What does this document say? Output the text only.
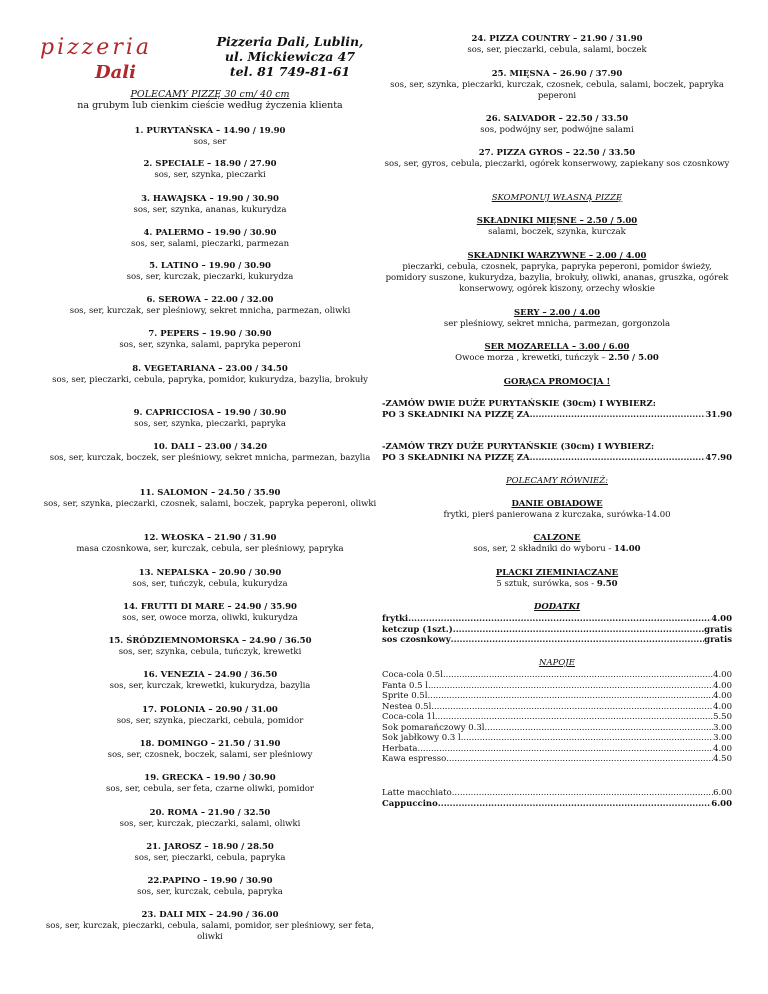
pizzeria
Dali
Pizzeria Dali, Lublin,
ul. Mickiewicza 47
tel. 81 749-81-61
POLECAMY PIZZĘ 30 cm/ 40 cm
na grubym lub cienkim cieście według życzenia klienta
1. PURYTAŃSKA – 14.90 / 19.90
sos, ser
2. SPECIALE – 18.90 / 27.90
sos, ser, szynka, pieczarki
3. HAWAJSKA – 19.90 / 30.90
sos, ser, szynka, ananas, kukurydza
4. PALERMO – 19.90 / 30.90
sos, ser, salami, pieczarki, parmezan
5. LATINO – 19.90 / 30.90
sos, ser, kurczak, pieczarki, kukurydza
6. SEROWA – 22.00 / 32.00
sos, ser, kurczak, ser pleśniowy, sekret mnicha, parmezan, oliwki
7. PEPERS – 19.90 / 30.90
sos, ser, szynka, salami, papryka peperoni
8. VEGETARIANA – 23.00 / 34.50
sos, ser, pieczarki, cebula, papryka, pomidor, kukurydza, bazylia, brokuły
9. CAPRICCIOSA – 19.90 / 30.90
sos, ser, szynka, pieczarki, papryka
10. DALI – 23.00 / 34.20
sos, ser, kurczak, boczek, ser pleśniowy, sekret mnicha, parmezan, bazylia
11. SALOMON – 24.50 / 35.90
sos, ser, szynka, pieczarki, czosnek, salami, boczek, papryka peperoni, oliwki
12. WŁOSKA – 21.90 / 31.90
masa czosnkowa, ser, kurczak, cebula, ser pleśniowy, papryka
13. NEPALSKA – 20.90 / 30.90
sos, ser, tuńczyk, cebula, kukurydza
14. FRUTTI DI MARE – 24.90 / 35.90
sos, ser, owoce morza, oliwki, kukurydza
15. ŚRÓDZIEMNOMORSKA – 24.90 / 36.50
sos, ser, szynka, cebula, tuńczyk, krewetki
16. VENEZIA – 24.90 / 36.50
sos, ser, kurczak, krewetki, kukurydza, bazylia
17. POLONIA – 20.90 / 31.00
sos, ser, szynka, pieczarki, cebula, pomidor
18. DOMINGO – 21.50 / 31.90
sos, ser, czosnek, boczek, salami, ser pleśniowy
19. GRECKA – 19.90 / 30.90
sos, ser, cebula, ser feta, czarne oliwki, pomidor
20. ROMA – 21.90 / 32.50
sos, ser, kurczak, pieczarki, salami, oliwki
21. JAROSZ – 18.90 / 28.50
sos, ser, pieczarki, cebula, papryka
22.PAPINO – 19.90 / 30.90
sos, ser, kurczak, cebula, papryka
23. DALI MIX – 24.90 / 36.00
sos, ser, kurczak, pieczarki, cebula, salami, pomidor, ser pleśniowy, ser feta, oliwki
24. PIZZA COUNTRY – 21.90 / 31.90
sos, ser, pieczarki, cebula, salami, boczek
25. MIĘSNA – 26.90 / 37.90
sos, ser, szynka, pieczarki, kurczak, czosnek, cebula, salami, boczek, papryka peperoni
26. SALVADOR – 22.50 / 33.50
sos, podwójny ser, podwójne salami
27. PIZZA GYROS – 22.50 / 33.50
sos, ser, gyros, cebula, pieczarki, ogórek konserwowy, zapiekany sos czosnkowy
SKOMPONUJ WŁASNĄ PIZZĘ
SKŁADNIKI MIĘSNE – 2.50 / 5.00
salami, boczek, szynka, kurczak
SKŁADNIKI WARZYWNE – 2.00 / 4.00
pieczarki, cebula, czosnek, papryka, papryka peperoni, pomidor świeży, pomidory suszone, kukurydza, bazylia, brokuły, oliwki, ananas, gruszka, ogórek konserwowy, ogórek kiszony, orzechy włoskie
SERY – 2.00 / 4.00
ser pleśniowy, sekret mnicha, parmezan, gorgonzola
SER MOZARELLA – 3.00 / 6.00
Owoce morza , krewetki, tuńczyk – 2.50 / 5.00
GORĄCA PROMOCJA !
-ZAMÓW DWIE DUŻE PURYTAŃSKIE (30cm) I WYBIERZ:
PO 3 SKŁADNIKI NA PIZZĘ ZA .....	31.90
-ZAMÓW TRZY DUŻE PURYTAŃSKIE (30cm) I WYBIERZ:
PO 3 SKŁADNIKI NA PIZZĘ ZA .....	47.90
POLECAMY RÓWNIEŻ:
DANIE OBIADOWE
frytki, pierś panierowana z kurczaka, surówka-14.00
CALZONE
sos, ser, 2 składniki do wyboru - 14.00
PLACKI ZIEMINIACZANE
5 sztuk, surówka, sos - 9.50
DODATKI
frytki .....	4.00
ketczup (1szt.) .....	gratis
sos czosnkowy .....	gratis
NAPOJE
Coca-cola 0.5l .....	4.00
Fanta 0.5 l .....	4.00
Sprite 0.5l .....	4.00
Nestea 0.5l .....	4.00
Coca-cola 1l .....	5.50
Sok pomarańczowy 0.3l .....	3.00
Sok jabłkowy 0.3 l .....	3.00
Herbata .....	4.00
Kawa espresso .....	4.50
Latte macchiato .....	6.00
Cappuccino .....	6.00
